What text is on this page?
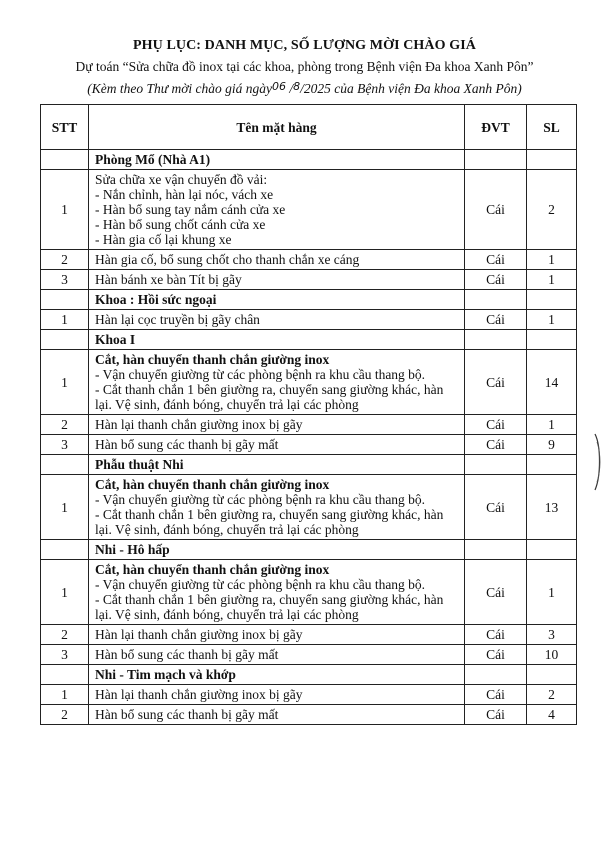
PHỤ LỤC: DANH MỤC, SỐ LƯỢNG MỜI CHÀO GIÁ
Dự toán “Sửa chữa đồ inox tại các khoa, phòng trong Bệnh viện Đa khoa Xanh Pôn”
(Kèm theo Thư mời chào giá ngày$^{06}$ /$^8$/2025 của Bệnh viện Đa khoa Xanh Pôn)
STT	Tên mặt hàng	ĐVT	SL
	Phòng Mổ (Nhà A1)		
1	Sửa chữa xe vận chuyển đồ vải:
- Nắn chỉnh, hàn lại nóc, vách xe
- Hàn bổ sung tay nắm cánh cửa xe
- Hàn bổ sung chốt cánh cửa xe
- Hàn gia cố lại khung xe	Cái	2
2	Hàn gia cố, bổ sung chốt cho thanh chắn xe cáng	Cái	1
3	Hàn bánh xe bàn Tít bị gãy	Cái	1
	Khoa : Hồi sức ngoại		
1	Hàn lại cọc truyền bị gãy chân	Cái	1
	Khoa I		
1	Cắt, hàn chuyển thanh chắn giường inox
- Vận chuyển giường từ các phòng bệnh ra khu cầu thang bộ.
- Cắt thanh chắn 1 bên giường ra, chuyển sang giường khác, hàn lại. Vệ sinh, đánh bóng, chuyển trả lại các phòng	Cái	14
2	Hàn lại thanh chắn giường inox bị gãy	Cái	1
3	Hàn bổ sung các thanh bị gãy mất	Cái	9
	Phẫu thuật Nhi		
1	Cắt, hàn chuyển thanh chắn giường inox
- Vận chuyển giường từ các phòng bệnh ra khu cầu thang bộ.
- Cắt thanh chắn 1 bên giường ra, chuyển sang giường khác, hàn lại. Vệ sinh, đánh bóng, chuyển trả lại các phòng	Cái	13
	Nhi - Hô hấp		
1	Cắt, hàn chuyển thanh chắn giường inox
- Vận chuyển giường từ các phòng bệnh ra khu cầu thang bộ.
- Cắt thanh chắn 1 bên giường ra, chuyển sang giường khác, hàn lại. Vệ sinh, đánh bóng, chuyển trả lại các phòng	Cái	1
2	Hàn lại thanh chắn giường inox bị gãy	Cái	3
3	Hàn bổ sung các thanh bị gãy mất	Cái	10
	Nhi - Tim mạch và khớp		
1	Hàn lại thanh chắn giường inox bị gãy	Cái	2
2	Hàn bổ sung các thanh bị gãy mất	Cái	4
